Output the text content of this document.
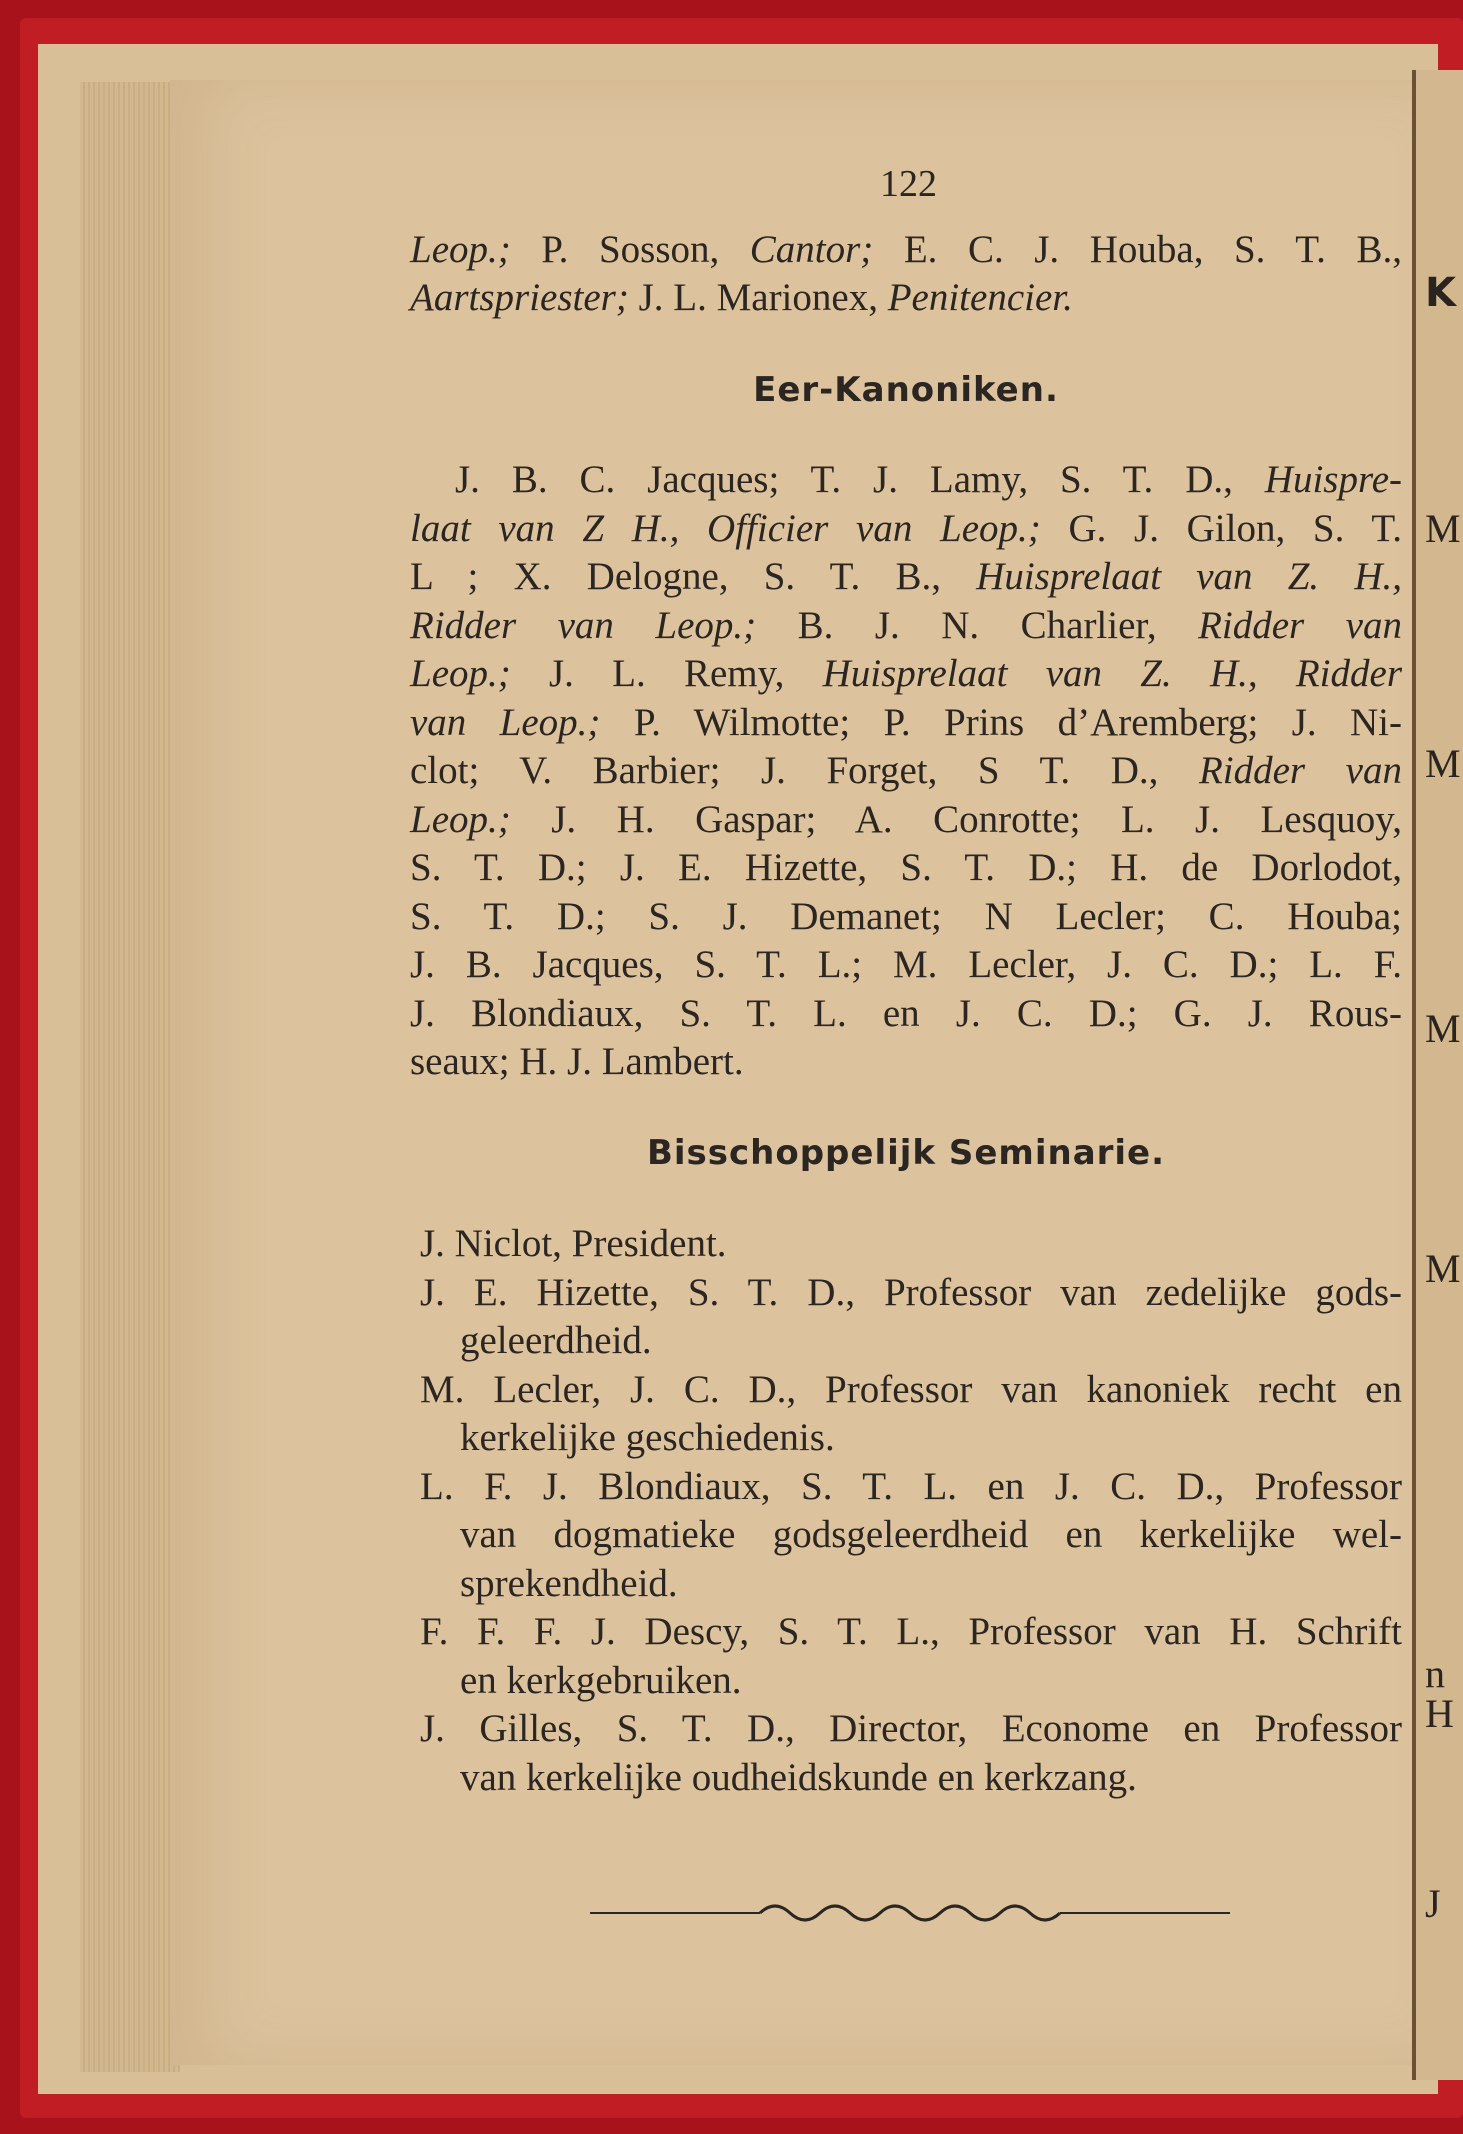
K
M
M
M
M
n
H
J
122
Leop.; P. Sosson, Cantor; E. C. J. Houba, S. T. B.,
Aartspriester; J. L. Marionex, Penitencier.
Eer-Kanoniken.
J. B. C. Jacques; T. J. Lamy, S. T. D., Huispre-
laat van Z H., Officier van Leop.; G. J. Gilon, S. T.
L ; X. Delogne, S. T. B., Huisprelaat van Z. H.,
Ridder van Leop.; B. J. N. Charlier, Ridder van
Leop.; J. L. Remy, Huisprelaat van Z. H., Ridder
van Leop.; P. Wilmotte; P. Prins d’Aremberg; J. Ni-
clot; V. Barbier; J. Forget, S T. D., Ridder van
Leop.; J. H. Gaspar; A. Conrotte; L. J. Lesquoy,
S. T. D.; J. E. Hizette, S. T. D.; H. de Dorlodot,
S. T. D.; S. J. Demanet; N Lecler; C. Houba;
J. B. Jacques, S. T. L.; M. Lecler, J. C. D.; L. F.
J. Blondiaux, S. T. L. en J. C. D.; G. J. Rous-
seaux; H. J. Lambert.
Bisschoppelijk Seminarie.
J. Niclot, President.
J. E. Hizette, S. T. D., Professor van zedelijke gods-
geleerdheid.
M. Lecler, J. C. D., Professor van kanoniek recht en
kerkelijke geschiedenis.
L. F. J. Blondiaux, S. T. L. en J. C. D., Professor
van dogmatieke godsgeleerdheid en kerkelijke wel-
sprekendheid.
F. F. F. J. Descy, S. T. L., Professor van H. Schrift
en kerkgebruiken.
J. Gilles, S. T. D., Director, Econome en Professor
van kerkelijke oudheidskunde en kerkzang.
